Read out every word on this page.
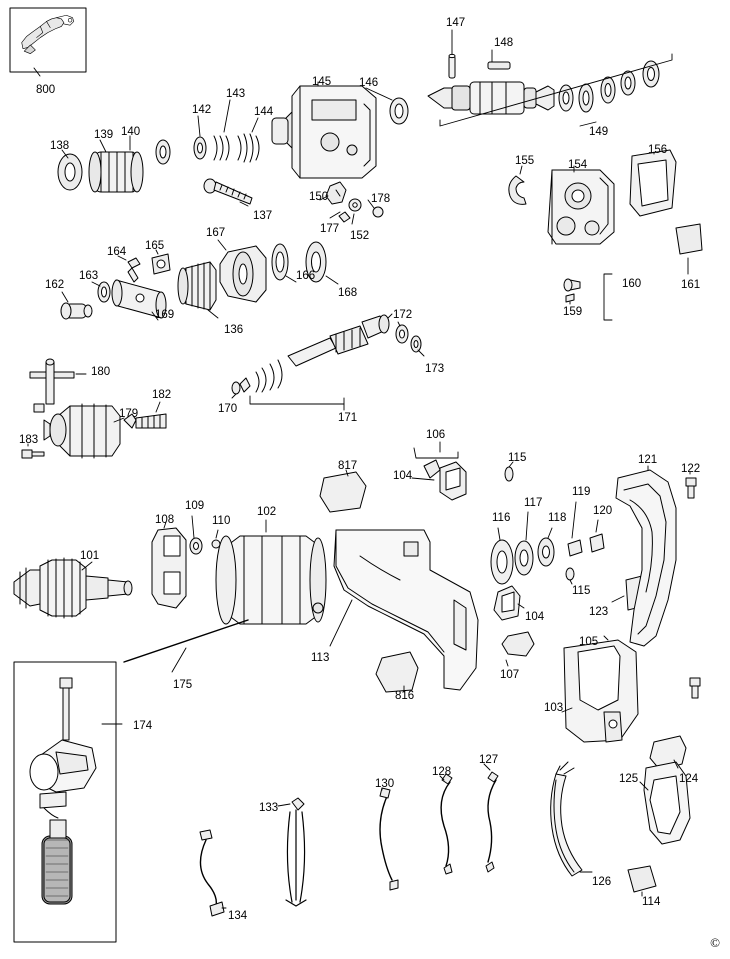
800
147
148
149
145 146
143
142	144
140
139
138
137
150	178
177
152
155	154
156
161
159
160
167
165
164
163
162
169
136
166
168
172
173
171
170
180
182
179
183
817
106
104
115
117
119
120
118
116
121
122
115
104	123
102
109
108	110
101
113
175
816
107
105
103
125	124
174
133
130
128
127
126
114
134
©
